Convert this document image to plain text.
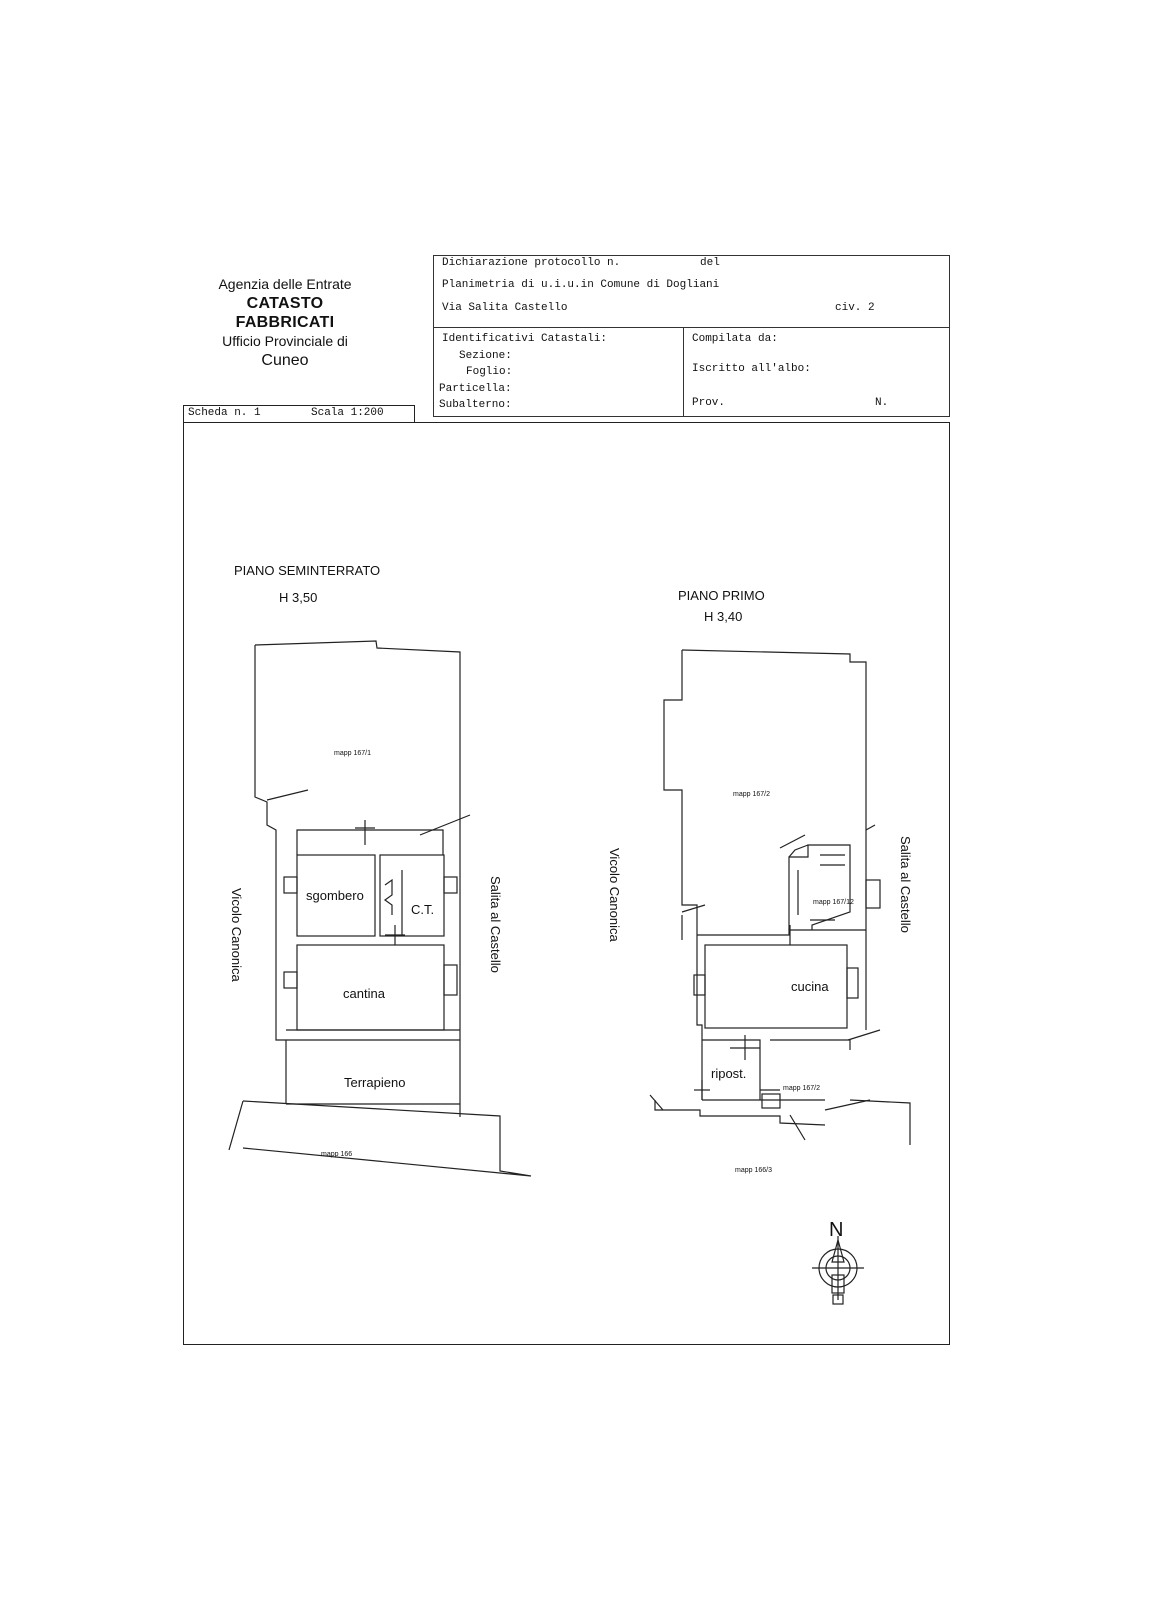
Agenzia delle Entrate
CATASTO FABBRICATI
Ufficio Provinciale di
Cuneo
Dichiarazione protocollo n.	del
Planimetria di u.i.u.in Comune di Dogliani
Via Salita Castello	civ. 2
Identificativi Catastali:
Sezione:
Foglio:
Particella:
Subalterno:
Compilata da:
Iscritto all'albo:
Prov.	N.
Scheda n. 1	Scala 1:200
PIANO SEMINTERRATO
H 3,50
mapp 167/1
sgombero
C.T.
cantina
Terrapieno
mapp 166
Vicolo Canonica	Salita al Castello
PIANO PRIMO
H 3,40
mapp 167/2
mapp 167/12
cucina
ripost.
mapp 167/2
mapp 166/3
Vicolo Canonica	Salita al Castello
N
